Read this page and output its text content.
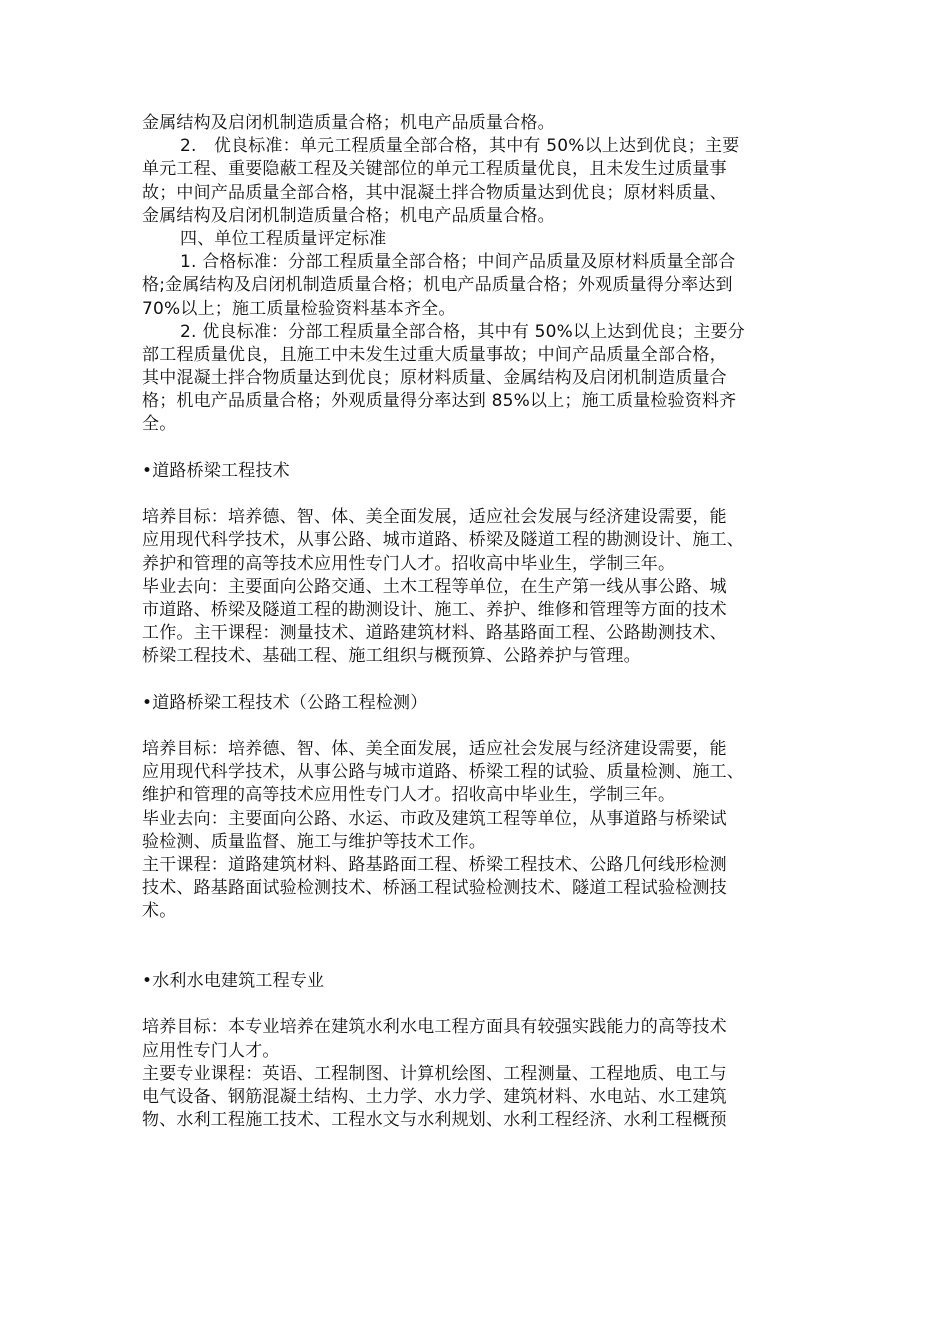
金属结构及启闭机制造质量合格；机电产品质量合格。
2.　优良标准：单元工程质量全部合格，其中有 50%以上达到优良；主要
单元工程、重要隐蔽工程及关键部位的单元工程质量优良，且未发生过质量事
故；中间产品质量全部合格，其中混凝土拌合物质量达到优良；原材料质量、
金属结构及启闭机制造质量合格；机电产品质量合格。
四、单位工程质量评定标准
1. 合格标准：分部工程质量全部合格；中间产品质量及原材料质量全部合
格;金属结构及启闭机制造质量合格；机电产品质量合格；外观质量得分率达到
70%以上；施工质量检验资料基本齐全。
2. 优良标准：分部工程质量全部合格，其中有 50%以上达到优良；主要分
部工程质量优良，且施工中未发生过重大质量事故；中间产品质量全部合格，
其中混凝土拌合物质量达到优良；原材料质量、金属结构及启闭机制造质量合
格；机电产品质量合格；外观质量得分率达到 85%以上；施工质量检验资料齐
全。
•道路桥梁工程技术
培养目标：培养德、智、体、美全面发展，适应社会发展与经济建设需要，能
应用现代科学技术，从事公路、城市道路、桥梁及隧道工程的勘测设计、施工、
养护和管理的高等技术应用性专门人才。招收高中毕业生，学制三年。
毕业去向：主要面向公路交通、土木工程等单位，在生产第一线从事公路、城
市道路、桥梁及隧道工程的勘测设计、施工、养护、维修和管理等方面的技术
工作。主干课程：测量技术、道路建筑材料、路基路面工程、公路勘测技术、
桥梁工程技术、基础工程、施工组织与概预算、公路养护与管理。
•道路桥梁工程技术（公路工程检测）
培养目标：培养德、智、体、美全面发展，适应社会发展与经济建设需要，能
应用现代科学技术，从事公路与城市道路、桥梁工程的试验、质量检测、施工、
维护和管理的高等技术应用性专门人才。招收高中毕业生，学制三年。
毕业去向：主要面向公路、水运、市政及建筑工程等单位，从事道路与桥梁试
验检测、质量监督、施工与维护等技术工作。
主干课程：道路建筑材料、路基路面工程、桥梁工程技术、公路几何线形检测
技术、路基路面试验检测技术、桥涵工程试验检测技术、隧道工程试验检测技
术。
•水利水电建筑工程专业
培养目标：本专业培养在建筑水利水电工程方面具有较强实践能力的高等技术
应用性专门人才。
主要专业课程：英语、工程制图、计算机绘图、工程测量、工程地质、电工与
电气设备、钢筋混凝土结构、土力学、水力学、建筑材料、水电站、水工建筑
物、水利工程施工技术、工程水文与水利规划、水利工程经济、水利工程概预
